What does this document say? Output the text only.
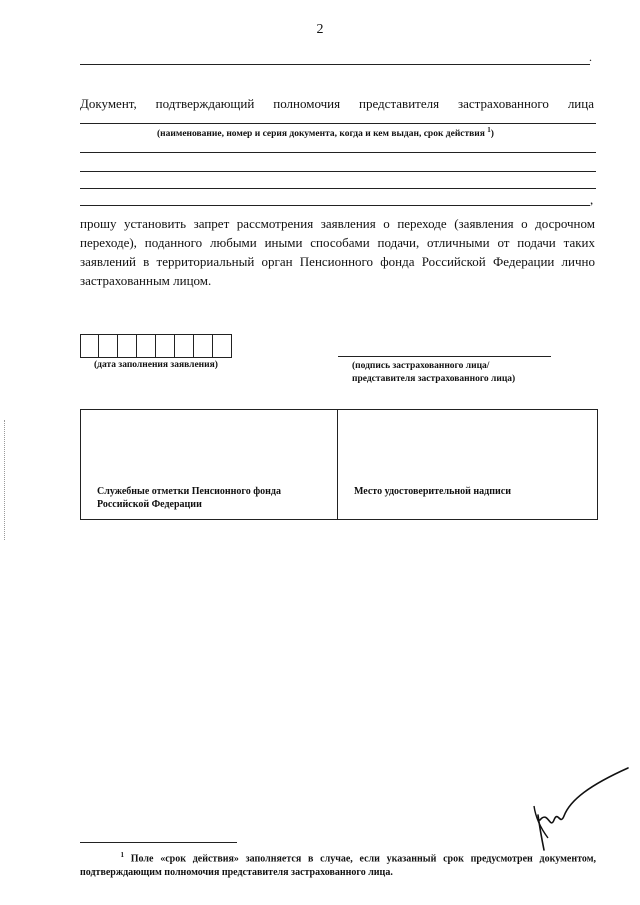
2
.
Документ, подтверждающий полномочия представителя застрахованного лица
(наименование, номер и серия документа, когда и кем выдан, срок действия $^1$)
,
прошу установить запрет рассмотрения заявления о переходе (заявления о досрочном переходе), поданного любыми иными способами подачи, отличными от подачи таких заявлений в территориальный орган Пенсионного фонда Российской Федерации лично застрахованным лицом.
(дата заполнения заявления)	(подпись застрахованного лица/
представителя застрахованного лица)
Служебные отметки Пенсионного фонда Российской Федерации
Место удостоверительной надписи
$^1$ Поле «срок действия» заполняется в случае, если указанный срок предусмотрен документом, подтверждающим полномочия представителя застрахованного лица.
